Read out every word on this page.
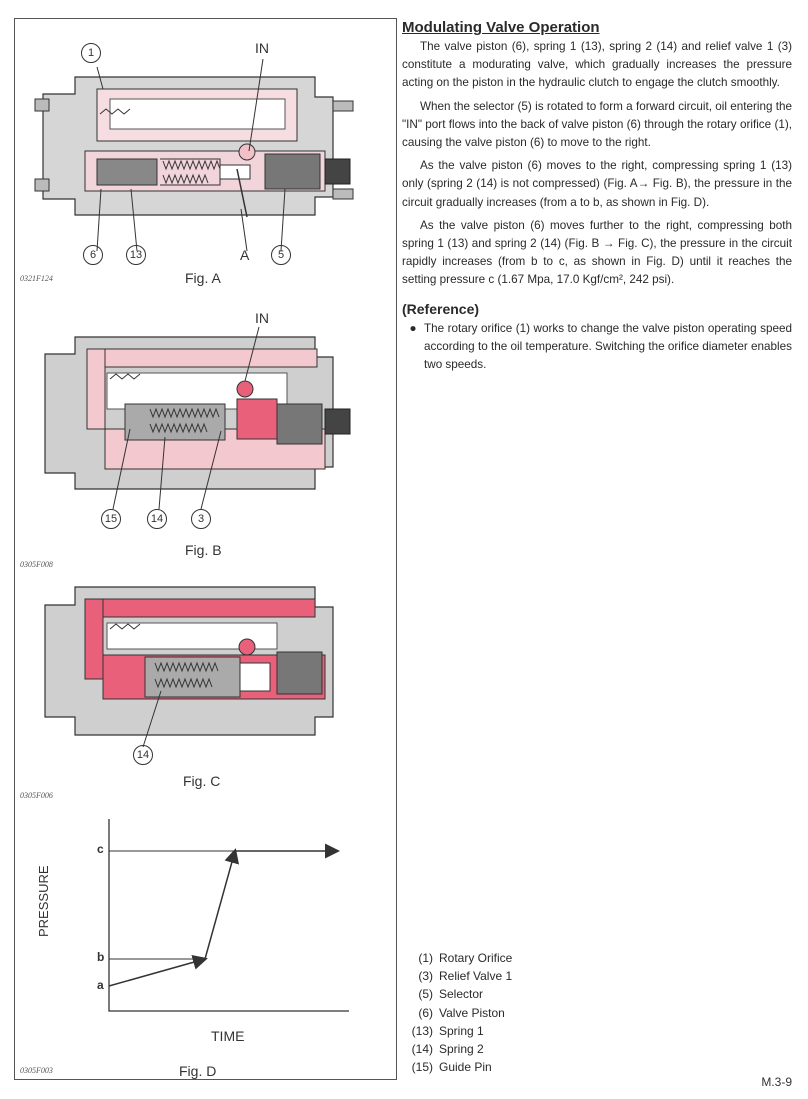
1	IN
6	13	A	5
Fig. A
0321F124
IN
15	14	3
Fig. B
0305F008
14
Fig. C
0305F006
c
b
a
PRESSURE
TIME
Fig. D
0305F003

Modulating Valve Operation

The valve piston (6), spring 1 (13), spring 2 (14) and relief valve 1 (3) constitute a modurating valve, which gradually increases the pressure acting on the piston in the hydraulic clutch to engage the clutch smoothly.

When the selector (5) is rotated to form a forward circuit, oil entering the "IN" port flows into the back of valve piston (6) through the rotary orifice (1), causing the valve piston (6) to move to the right.

As the valve piston (6) moves to the right, compressing spring 1 (13) only (spring 2 (14) is not compressed) (Fig. A→ Fig. B), the pressure in the circuit gradually increases (from a to b, as shown in Fig. D).

As the valve piston (6) moves further to the right, compressing both spring 1 (13) and spring 2 (14) (Fig. B → Fig. C), the pressure in the circuit rapidly increases (from b to c, as shown in Fig. D) until it reaches the setting pressure c (1.67 Mpa, 17.0 Kgf/cm², 242 psi).

(Reference)

● The rotary orifice (1) works to change the valve piston operating speed according to the oil temperature. Switching the orifice diameter enables two speeds.
(1) Rotary Orifice
(3) Relief Valve 1
(5) Selector
(6) Valve Piston
(13) Spring 1
(14) Spring 2
(15) Guide Pin
M.3-9
